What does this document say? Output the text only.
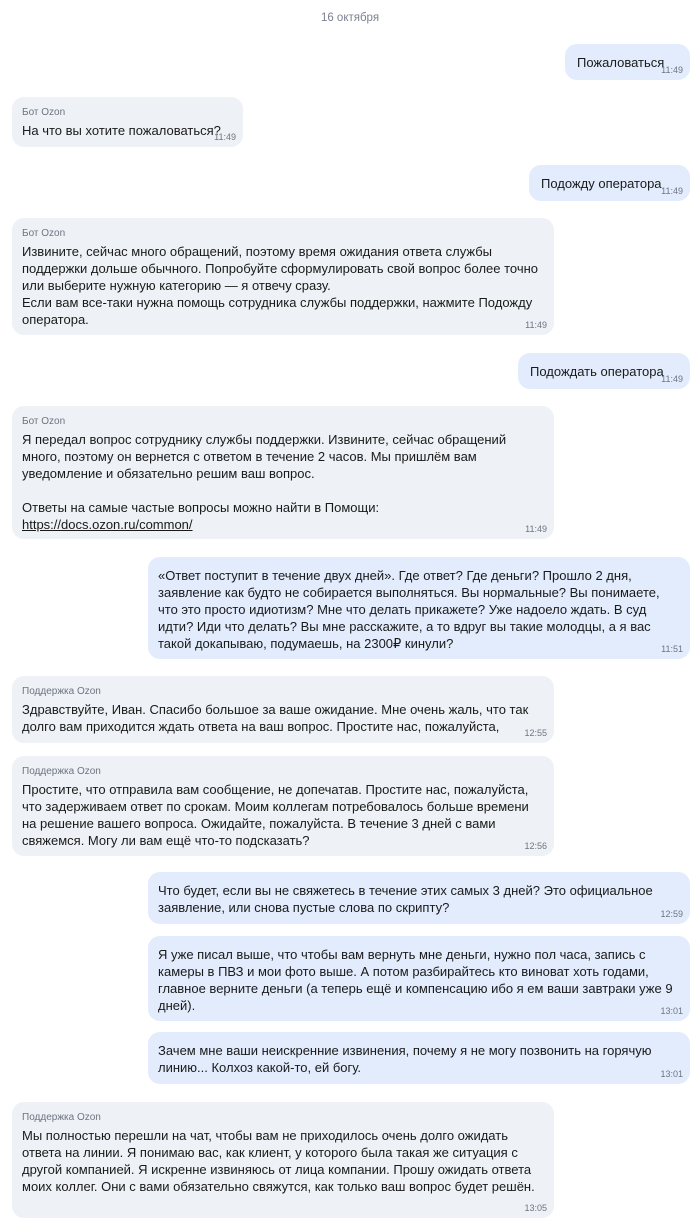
16 октября
Пожаловаться
11:49
Бот Ozon
На что вы хотите пожаловаться?
11:49
Подожду оператора 11:49
Бот Ozon
Извините, сейчас много обращений, поэтому время ожидания ответа службы поддержки дольше обычного. Попробуйте сформулировать свой вопрос более точно или выберите нужную категорию — я отвечу сразу.
Если вам все-таки нужна помощь сотрудника службы поддержки, нажмите Подожду оператора.	11:49
Подождать оператора
11:49
Бот Ozon
Я передал вопрос сотруднику службы поддержки. Извините, сейчас обращений много, поэтому он вернется с ответом в течение 2 часов. Мы пришлём вам уведомление и обязательно решим ваш вопрос.

Ответы на самые частые вопросы можно найти в Помощи: https://docs.ozon.ru/common/	11:49
«Ответ поступит в течение двух дней». Где ответ? Где деньги? Прошло 2 дня, заявление как будто не собирается выполняться. Вы нормальные? Вы понимаете, что это просто идиотизм? Мне что делать прикажете? Уже надоело ждать. В суд идти? Иди что делать? Вы мне расскажите, а то вдруг вы такие молодцы, а я вас такой докапываю, подумаешь, на 2300₽ кинули?	11:51
Поддержка Ozon
Здравствуйте, Иван. Спасибо большое за ваше ожидание. Мне очень жаль, что так долго вам приходится ждать ответа на ваш вопрос. Простите нас, пожалуйста,	12:55
Поддержка Ozon
Простите, что отправила вам сообщение, не допечатав. Простите нас, пожалуйста, что задерживаем ответ по срокам. Моим коллегам потребовалось больше времени на решение вашего вопроса. Ожидайте, пожалуйста. В течение 3 дней с вами свяжемся. Могу ли вам ещё что-то подсказать?	12:56
Что будет, если вы не свяжетесь в течение этих самых 3 дней? Это официальное заявление, или снова пустые слова по скрипту?	12:59
Я уже писал выше, что чтобы вам вернуть мне деньги, нужно пол часа, запись с камеры в ПВЗ и мои фото выше. А потом разбирайтесь кто виноват хоть годами, главное верните деньги (а теперь ещё и компенсацию ибо я ем ваши завтраки уже 9 дней).	13:01
Зачем мне ваши неискренние извинения, почему я не могу позвонить на горячую линию... Колхоз какой-то, ей богу.	13:01
Поддержка Ozon
Мы полностью перешли на чат, чтобы вам не приходилось очень долго ожидать ответа на линии. Я понимаю вас, как клиент, у которого была такая же ситуация с другой компанией. Я искренне извиняюсь от лица компании. Прошу ожидать ответа моих коллег. Они с вами обязательно свяжутся, как только ваш вопрос будет решён.
13:05
